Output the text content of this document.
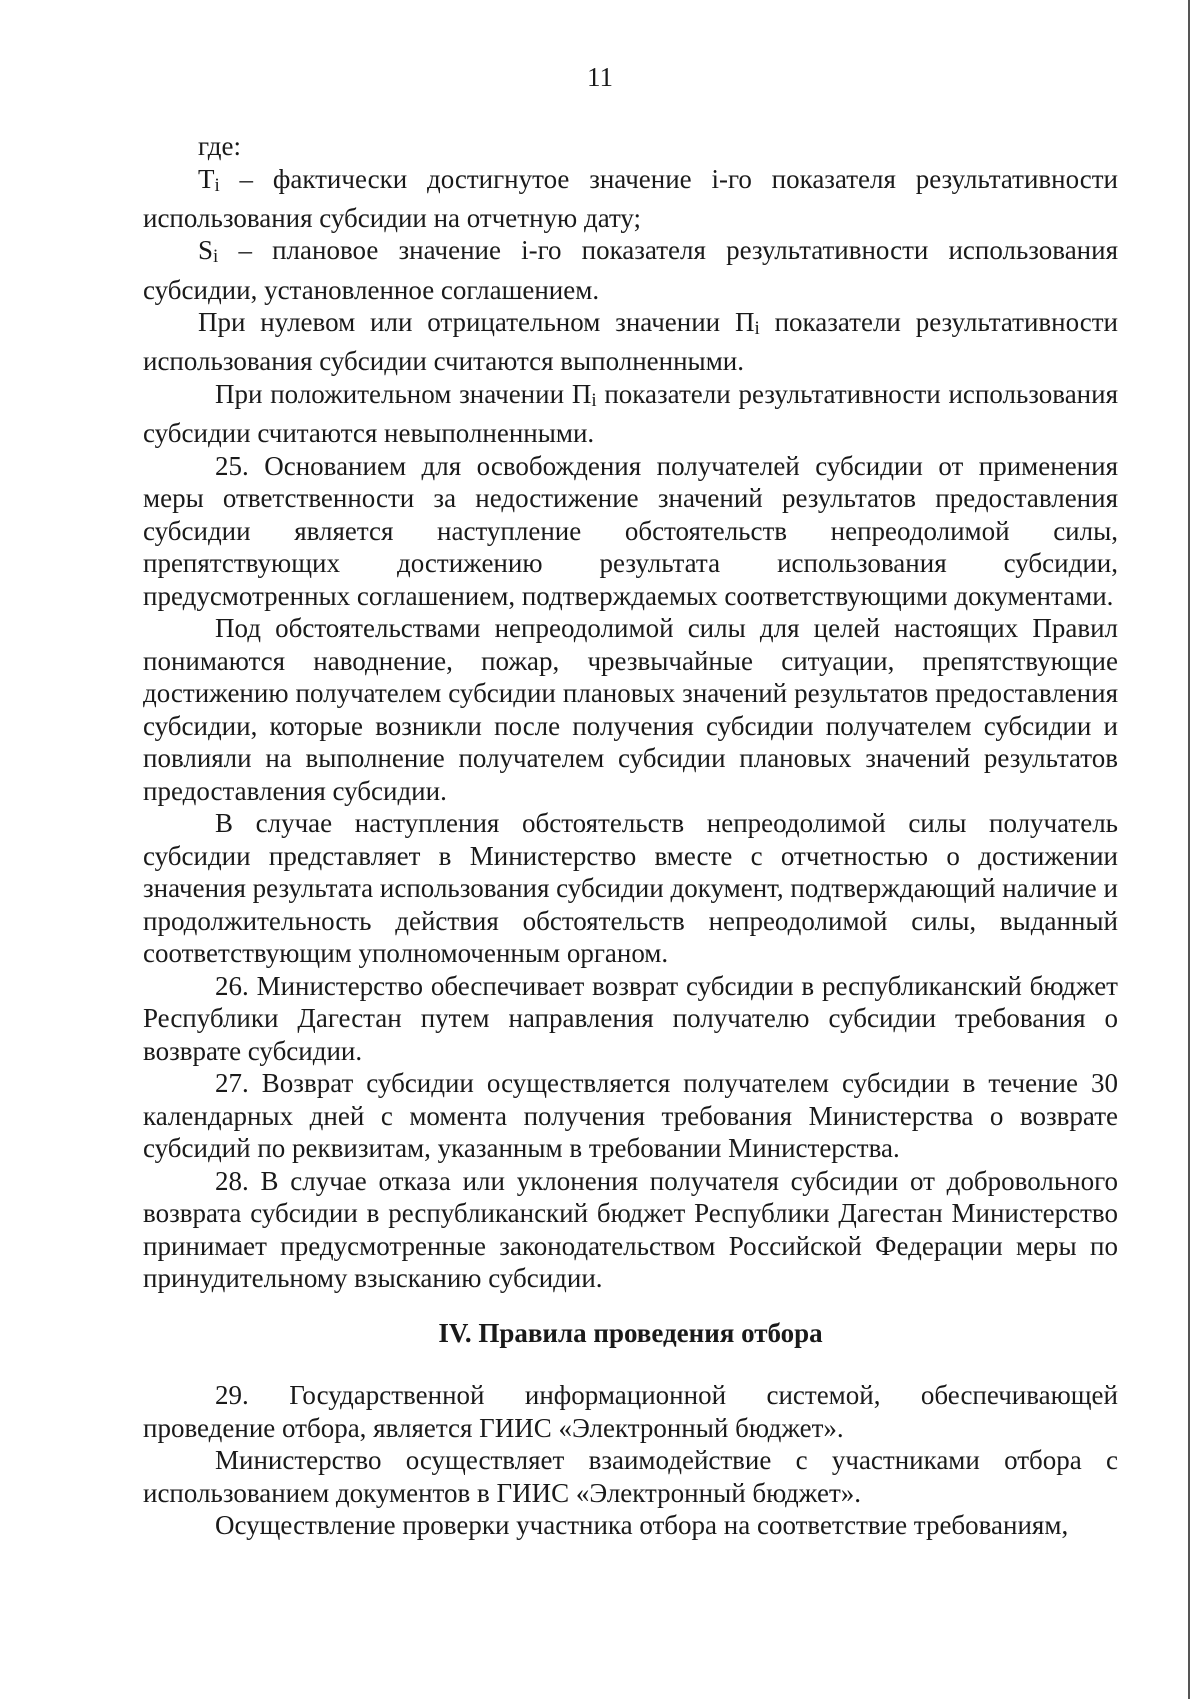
11

где:

$T_i$ – фактически достигнутое значение i-го показателя результативности использования субсидии на отчетную дату;

$S_i$ – плановое значение i-го показателя результативности использования субсидии, установленное соглашением.

При нулевом или отрицательном значении $П_i$ показатели результативности использования субсидии считаются выполненными.

При положительном значении $П_i$ показатели результативности использования субсидии считаются невыполненными.

25. Основанием для освобождения получателей субсидии от применения меры ответственности за недостижение значений результатов предоставления субсидии является наступление обстоятельств непреодолимой силы, препятствующих достижению результата использования субсидии, предусмотренных соглашением, подтверждаемых соответствующими документами.

Под обстоятельствами непреодолимой силы для целей настоящих Правил понимаются наводнение, пожар, чрезвычайные ситуации, препятствующие достижению получателем субсидии плановых значений результатов предоставления субсидии, которые возникли после получения субсидии получателем субсидии и повлияли на выполнение получателем субсидии плановых значений результатов предоставления субсидии.

В случае наступления обстоятельств непреодолимой силы получатель субсидии представляет в Министерство вместе с отчетностью о достижении значения результата использования субсидии документ, подтверждающий наличие и продолжительность действия обстоятельств непреодолимой силы, выданный соответствующим уполномоченным органом.

26. Министерство обеспечивает возврат субсидии в республиканский бюджет Республики Дагестан путем направления получателю субсидии требования о возврате субсидии.

27. Возврат субсидии осуществляется получателем субсидии в течение 30 календарных дней с момента получения требования Министерства о возврате субсидий по реквизитам, указанным в требовании Министерства.

28. В случае отказа или уклонения получателя субсидии от добровольного возврата субсидии в республиканский бюджет Республики Дагестан Министерство принимает предусмотренные законодательством Российской Федерации меры по принудительному взысканию субсидии.

IV. Правила проведения отбора

29. Государственной информационной системой, обеспечивающей проведение отбора, является ГИИС «Электронный бюджет».

Министерство осуществляет взаимодействие с участниками отбора с использованием документов в ГИИС «Электронный бюджет».

Осуществление проверки участника отбора на соответствие требованиям,
